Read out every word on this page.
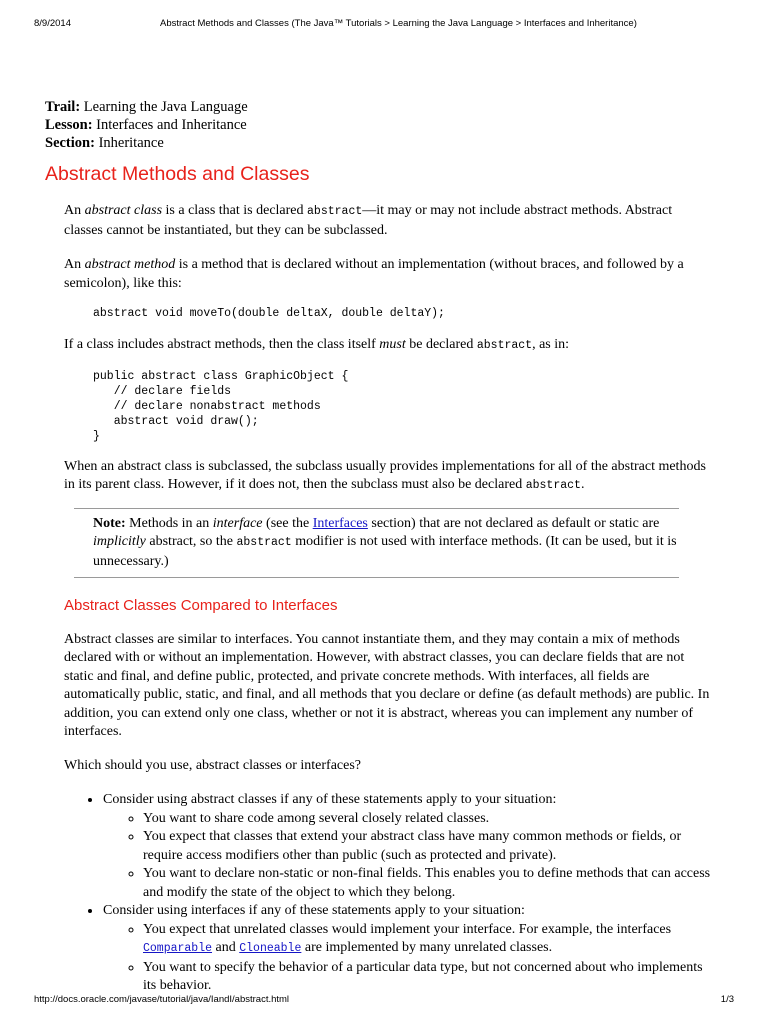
8/9/2014	Abstract Methods and Classes (The Java™ Tutorials > Learning the Java Language > Interfaces and Inheritance)
Trail: Learning the Java Language
Lesson: Interfaces and Inheritance
Section: Inheritance
Abstract Methods and Classes

An abstract class is a class that is declared abstract—it may or may not include abstract methods. Abstract classes cannot be instantiated, but they can be subclassed.

An abstract method is a method that is declared without an implementation (without braces, and followed by a semicolon), like this:

abstract void moveTo(double deltaX, double deltaY);

If a class includes abstract methods, then the class itself must be declared abstract, as in:

public abstract class GraphicObject {
// declare fields
// declare nonabstract methods
abstract void draw();
}

When an abstract class is subclassed, the subclass usually provides implementations for all of the abstract methods in its parent class. However, if it does not, then the subclass must also be declared abstract.

Note: Methods in an interface (see the Interfaces section) that are not declared as default or static are implicitly abstract, so the abstract modifier is not used with interface methods. (It can be used, but it is unnecessary.)
Abstract Classes Compared to Interfaces

Abstract classes are similar to interfaces. You cannot instantiate them, and they may contain a mix of methods declared with or without an implementation. However, with abstract classes, you can declare fields that are not static and final, and define public, protected, and private concrete methods. With interfaces, all fields are automatically public, static, and final, and all methods that you declare or define (as default methods) are public. In addition, you can extend only one class, whether or not it is abstract, whereas you can implement any number of interfaces.

Which should you use, abstract classes or interfaces?

• Consider using abstract classes if any of these statements apply to your situation:
◦ You want to share code among several closely related classes.
◦ You expect that classes that extend your abstract class have many common methods or fields, or require access modifiers other than public (such as protected and private).
◦ You want to declare non-static or non-final fields. This enables you to define methods that can access and modify the state of the object to which they belong.
• Consider using interfaces if any of these statements apply to your situation:
◦ You expect that unrelated classes would implement your interface. For example, the interfaces Comparable and Cloneable are implemented by many unrelated classes.
◦ You want to specify the behavior of a particular data type, but not concerned about who implements its behavior.
http://docs.oracle.com/javase/tutorial/java/IandI/abstract.html	1/3
